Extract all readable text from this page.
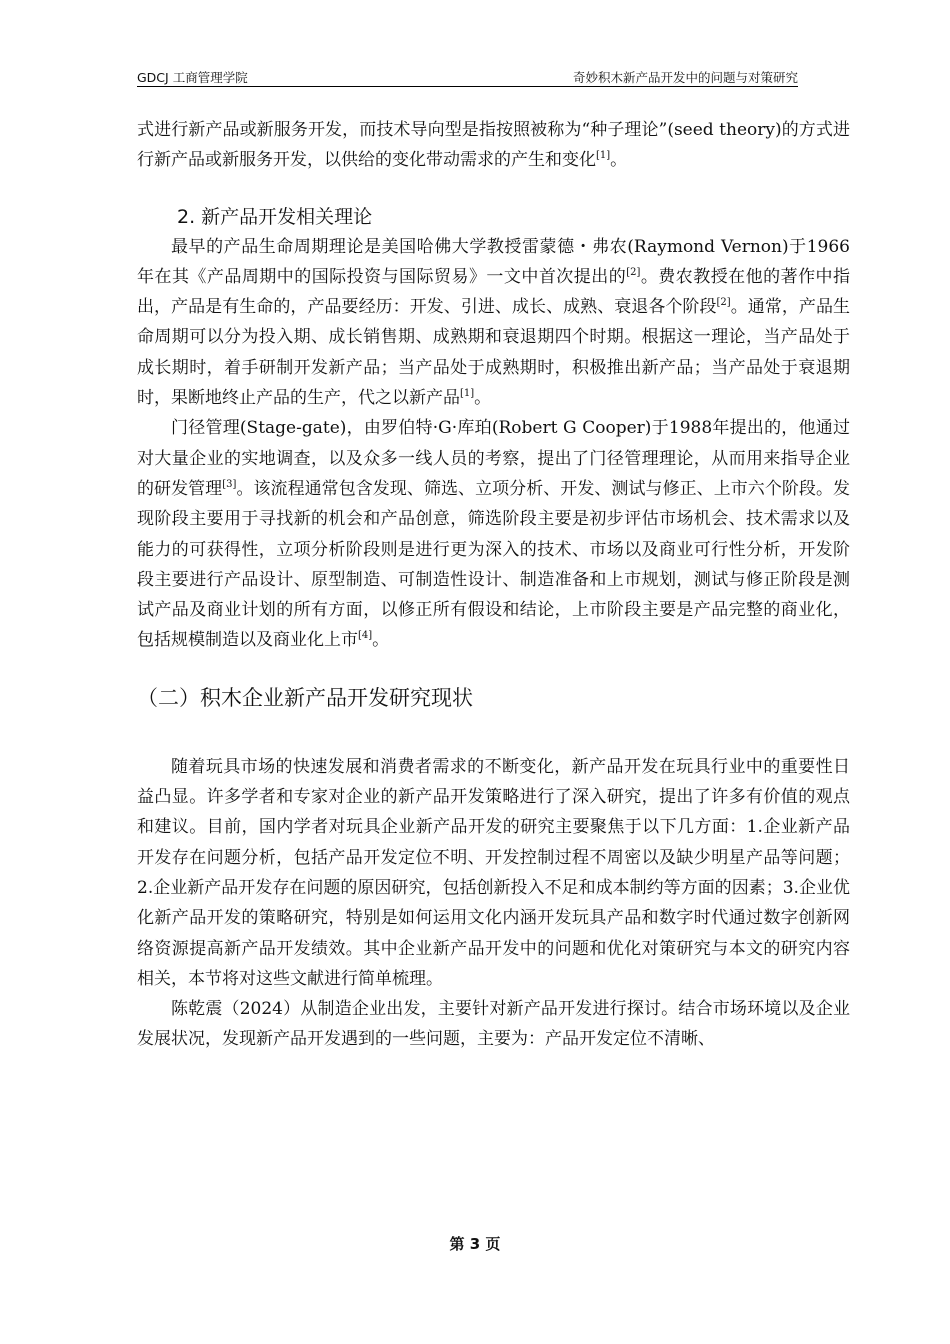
GDCJ 工商管理学院	奇妙积木新产品开发中的问题与对策研究

式进行新产品或新服务开发，而技术导向型是指按照被称为“种子理论”(seed theory)的方式进行新产品或新服务开发，以供给的变化带动需求的产生和变化[1]。

2. 新产品开发相关理论

最早的产品生命周期理论是美国哈佛大学教授雷蒙德・弗农(Raymond Vernon)于1966年在其《产品周期中的国际投资与国际贸易》一文中首次提出的[2]。费农教授在他的著作中指出，产品是有生命的，产品要经历：开发、引进、成长、成熟、衰退各个阶段[2]。通常，产品生命周期可以分为投入期、成长销售期、成熟期和衰退期四个时期。根据这一理论，当产品处于成长期时，着手研制开发新产品；当产品处于成熟期时，积极推出新产品；当产品处于衰退期时，果断地终止产品的生产，代之以新产品[1]。

门径管理(Stage-gate)，由罗伯特·G·库珀(Robert G Cooper)于1988年提出的，他通过对大量企业的实地调查，以及众多一线人员的考察，提出了门径管理理论，从而用来指导企业的研发管理[3]。该流程通常包含发现、筛选、立项分析、开发、测试与修正、上市六个阶段。发现阶段主要用于寻找新的机会和产品创意，筛选阶段主要是初步评估市场机会、技术需求以及能力的可获得性，立项分析阶段则是进行更为深入的技术、市场以及商业可行性分析，开发阶段主要进行产品设计、原型制造、可制造性设计、制造准备和上市规划，测试与修正阶段是测试产品及商业计划的所有方面，以修正所有假设和结论，上市阶段主要是产品完整的商业化，包括规模制造以及商业化上市[4]。

（二）积木企业新产品开发研究现状

随着玩具市场的快速发展和消费者需求的不断变化，新产品开发在玩具行业中的重要性日益凸显。许多学者和专家对企业的新产品开发策略进行了深入研究，提出了许多有价值的观点和建议。目前，国内学者对玩具企业新产品开发的研究主要聚焦于以下几方面：1.企业新产品开发存在问题分析，包括产品开发定位不明、开发控制过程不周密以及缺少明星产品等问题；2.企业新产品开发存在问题的原因研究，包括创新投入不足和成本制约等方面的因素；3.企业优化新产品开发的策略研究，特别是如何运用文化内涵开发玩具产品和数字时代通过数字创新网络资源提高新产品开发绩效。其中企业新产品开发中的问题和优化对策研究与本文的研究内容相关，本节将对这些文献进行简单梳理。

陈乾震（2024）从制造企业出发，主要针对新产品开发进行探讨。结合市场环境以及企业发展状况，发现新产品开发遇到的一些问题，主要为：产品开发定位不清晰、

第 3 页
